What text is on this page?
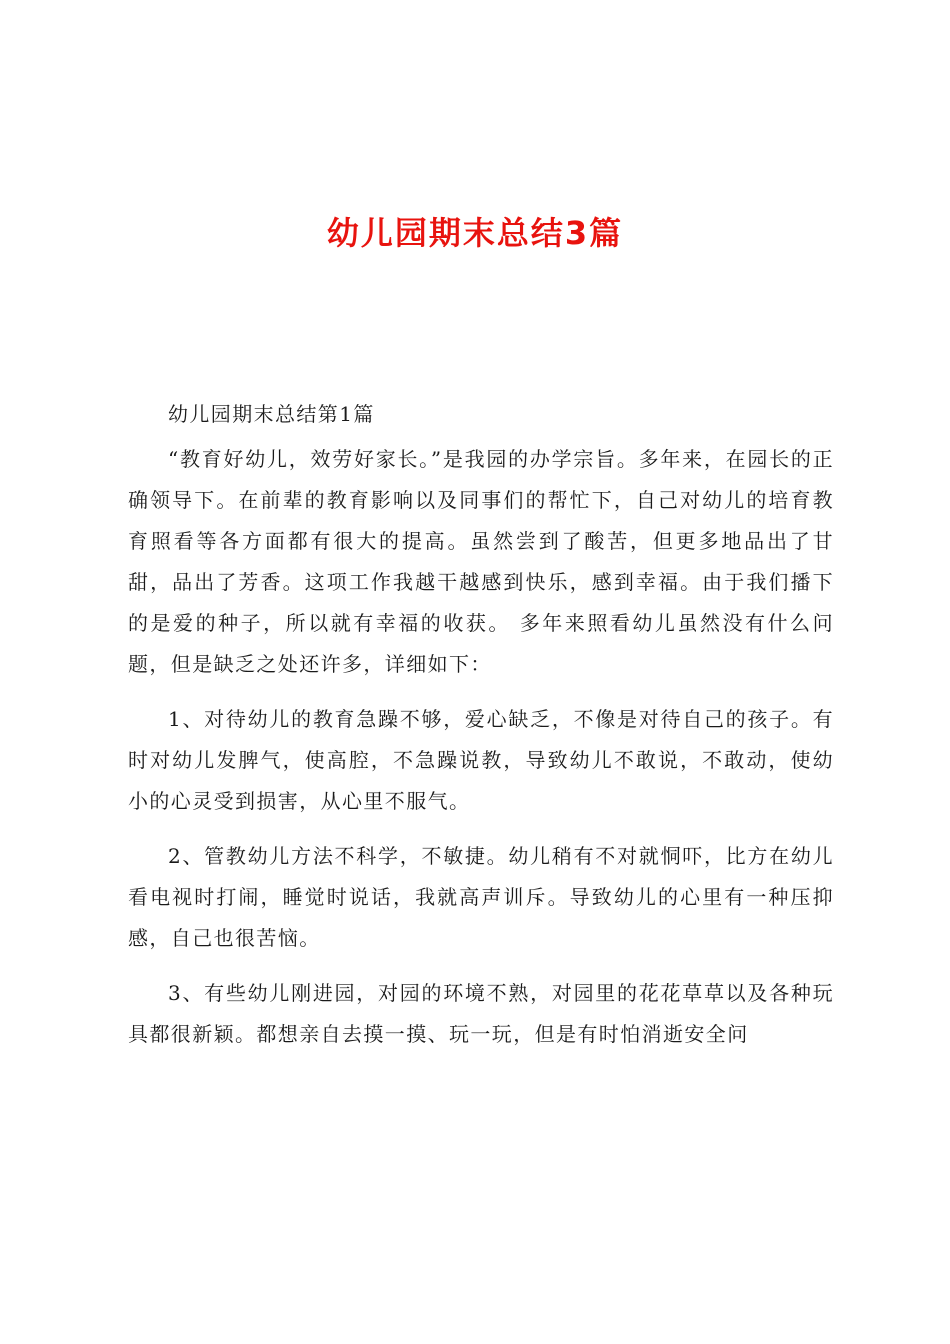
幼儿园期末总结3篇

幼儿园期末总结第1篇

“教育好幼儿，效劳好家长。”是我园的办学宗旨。多年来，在园长的正确领导下。在前辈的教育影响以及同事们的帮忙下，自己对幼儿的培育教育照看等各方面都有很大的提高。虽然尝到了酸苦，但更多地品出了甘甜，品出了芳香。这项工作我越干越感到快乐，感到幸福。由于我们播下的是爱的种子，所以就有幸福的收获。 多年来照看幼儿虽然没有什么问题，但是缺乏之处还许多，详细如下：

1、对待幼儿的教育急躁不够，爱心缺乏，不像是对待自己的孩子。有时对幼儿发脾气，使高腔，不急躁说教，导致幼儿不敢说，不敢动，使幼小的心灵受到损害，从心里不服气。

2、管教幼儿方法不科学，不敏捷。幼儿稍有不对就恫吓，比方在幼儿看电视时打闹，睡觉时说话，我就高声训斥。导致幼儿的心里有一种压抑感，自己也很苦恼。

3、有些幼儿刚进园，对园的环境不熟，对园里的花花草草以及各种玩具都很新颖。都想亲自去摸一摸、玩一玩，但是有时怕消逝安全问
